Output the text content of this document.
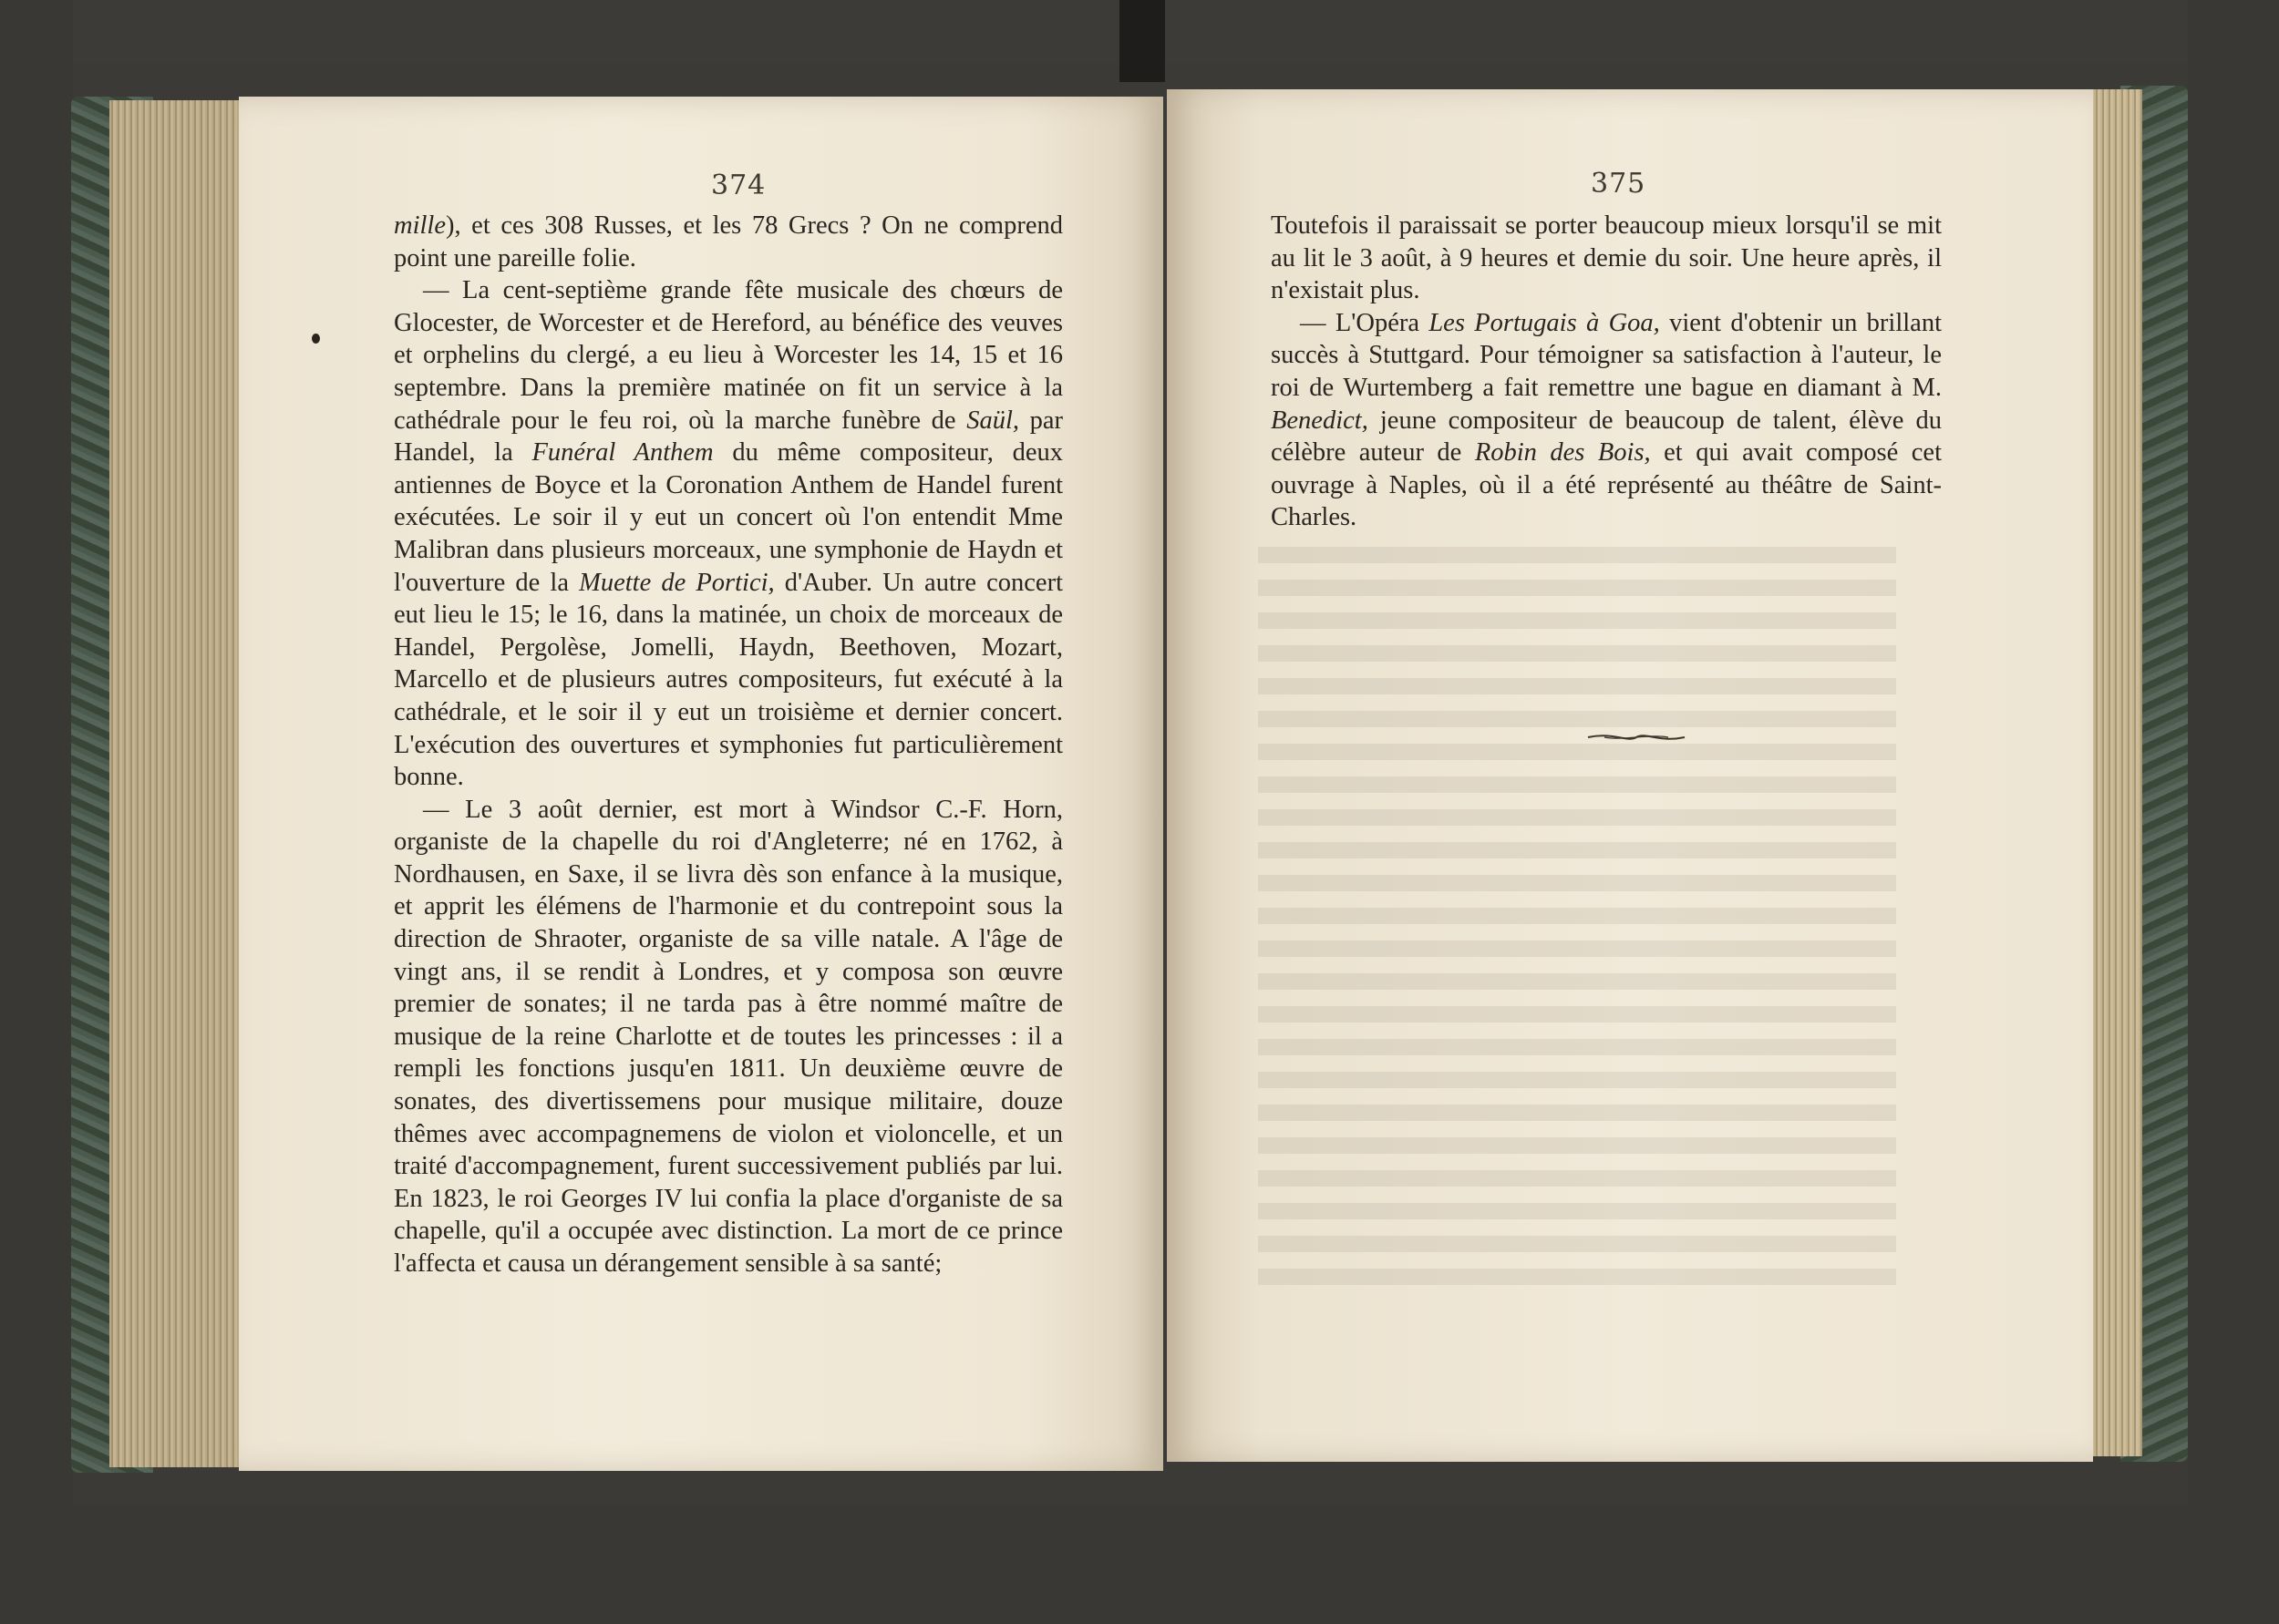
374	375

mille), et ces 308 Russes, et les 78 Grecs ? On ne comprend point une pareille folie.

— La cent-septième grande fête musicale des chœurs de Glocester, de Worcester et de Hereford, au bénéfice des veuves et orphelins du clergé, a eu lieu à Worcester les 14, 15 et 16 septembre. Dans la première matinée on fit un service à la cathédrale pour le feu roi, où la marche funèbre de Saül, par Handel, la Funéral Anthem du même compositeur, deux antiennes de Boyce et la Coronation Anthem de Handel furent exécutées. Le soir il y eut un concert où l'on entendit Mme Malibran dans plusieurs morceaux, une symphonie de Haydn et l'ouverture de la Muette de Portici, d'Auber. Un autre concert eut lieu le 15; le 16, dans la matinée, un choix de morceaux de Handel, Pergolèse, Jomelli, Haydn, Beethoven, Mozart, Marcello et de plusieurs autres compositeurs, fut exécuté à la cathédrale, et le soir il y eut un troisième et dernier concert. L'exécution des ouvertures et symphonies fut particulièrement bonne.

— Le 3 août dernier, est mort à Windsor C.-F. Horn, organiste de la chapelle du roi d'Angleterre; né en 1762, à Nordhausen, en Saxe, il se livra dès son enfance à la musique, et apprit les élémens de l'harmonie et du contrepoint sous la direction de Shraoter, organiste de sa ville natale. A l'âge de vingt ans, il se rendit à Londres, et y composa son œuvre premier de sonates; il ne tarda pas à être nommé maître de musique de la reine Charlotte et de toutes les princesses : il a rempli les fonctions jusqu'en 1811. Un deuxième œuvre de sonates, des divertissemens pour musique militaire, douze thêmes avec accompagnemens de violon et violoncelle, et un traité d'accompagnement, furent successivement publiés par lui. En 1823, le roi Georges IV lui confia la place d'organiste de sa chapelle, qu'il a occupée avec distinction. La mort de ce prince l'affecta et causa un dérangement sensible à sa santé;

Toutefois il paraissait se porter beaucoup mieux lorsqu'il se mit au lit le 3 août, à 9 heures et demie du soir. Une heure après, il n'existait plus.

— L'Opéra Les Portugais à Goa, vient d'obtenir un brillant succès à Stuttgard. Pour témoigner sa satisfaction à l'auteur, le roi de Wurtemberg a fait remettre une bague en diamant à M. Benedict, jeune compositeur de beaucoup de talent, élève du célèbre auteur de Robin des Bois, et qui avait composé cet ouvrage à Naples, où il a été représenté au théâtre de Saint-Charles.
